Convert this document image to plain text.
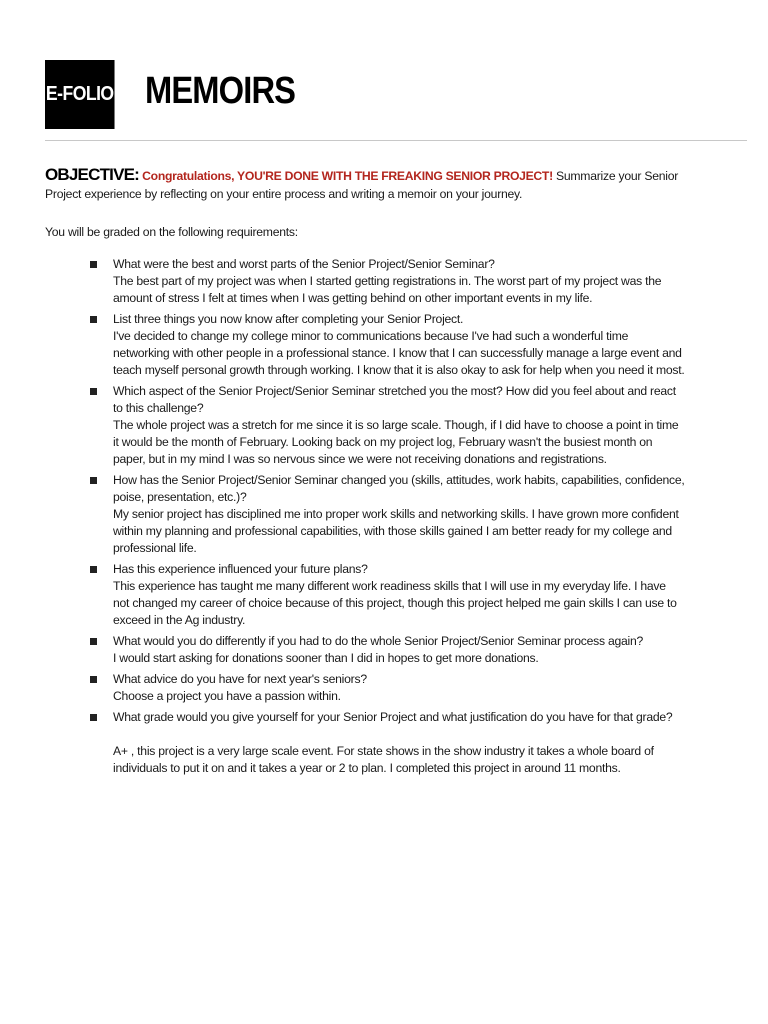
E-FOLIO MEMOIRS

OBJECTIVE: Congratulations, YOU'RE DONE WITH THE FREAKING SENIOR PROJECT! Summarize your Senior Project experience by reflecting on your entire process and writing a memoir on your journey.

You will be graded on the following requirements:

What were the best and worst parts of the Senior Project/Senior Seminar?
The best part of my project was when I started getting registrations in. The worst part of my project was the amount of stress I felt at times when I was getting behind on other important events in my life.
List three things you now know after completing your Senior Project.
I've decided to change my college minor to communications because I've had such a wonderful time networking with other people in a professional stance. I know that I can successfully manage a large event and teach myself personal growth through working. I know that it is also okay to ask for help when you need it most.
Which aspect of the Senior Project/Senior Seminar stretched you the most? How did you feel about and react to this challenge?
The whole project was a stretch for me since it is so large scale. Though, if I did have to choose a point in time it would be the month of February. Looking back on my project log, February wasn't the busiest month on paper, but in my mind I was so nervous since we were not receiving donations and registrations.
How has the Senior Project/Senior Seminar changed you (skills, attitudes, work habits, capabilities, confidence, poise, presentation, etc.)?
My senior project has disciplined me into proper work skills and networking skills. I have grown more confident within my planning and professional capabilities, with those skills gained I am better ready for my college and professional life.
Has this experience influenced your future plans?
This experience has taught me many different work readiness skills that I will use in my everyday life. I have not changed my career of choice because of this project, though this project helped me gain skills I can use to exceed in the Ag industry.
What would you do differently if you had to do the whole Senior Project/Senior Seminar process again?
I would start asking for donations sooner than I did in hopes to get more donations.
What advice do you have for next year's seniors?
Choose a project you have a passion within.
What grade would you give yourself for your Senior Project and what justification do you have for that grade?
A+ , this project is a very large scale event. For state shows in the show industry it takes a whole board of individuals to put it on and it takes a year or 2 to plan. I completed this project in around 11 months.
